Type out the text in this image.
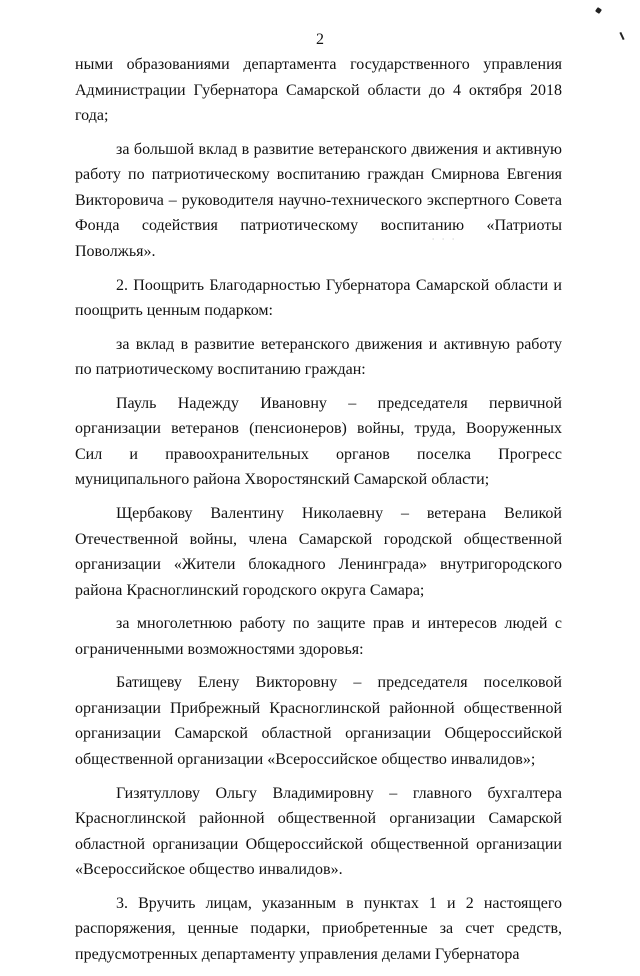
· · ·
2

ными образованиями департамента государственного управления Администрации Губернатора Самарской области до 4 октября 2018 года;

за большой вклад в развитие ветеранского движения и активную работу по патриотическому воспитанию граждан Смирнова Евгения Викторовича – руководителя научно-технического экспертного Совета Фонда содействия патриотическому воспитанию «Патриоты Поволжья».

2. Поощрить Благодарностью Губернатора Самарской области и поощрить ценным подарком:

за вклад в развитие ветеранского движения и активную работу по патриотическому воспитанию граждан:

Пауль Надежду Ивановну – председателя первичной организации ветеранов (пенсионеров) войны, труда, Вооруженных Сил и правоохранительных органов поселка Прогресс муниципального района Хворостянский Самарской области;

Щербакову Валентину Николаевну – ветерана Великой Отечественной войны, члена Самарской городской общественной организации «Жители блокадного Ленинграда» внутригородского района Красноглинский городского округа Самара;

за многолетнюю работу по защите прав и интересов людей с ограниченными возможностями здоровья:

Батищеву Елену Викторовну – председателя поселковой организации Прибрежный Красноглинской районной общественной организации Самарской областной организации Общероссийской общественной организации «Всероссийское общество инвалидов»;

Гизятуллову Ольгу Владимировну – главного бухгалтера Красноглинской районной общественной организации Самарской областной организации Общероссийской общественной организации «Всероссийское общество инвалидов».

3. Вручить лицам, указанным в пунктах 1 и 2 настоящего распоряжения, ценные подарки, приобретенные за счет средств, предусмотренных департаменту управления делами Губернатора
